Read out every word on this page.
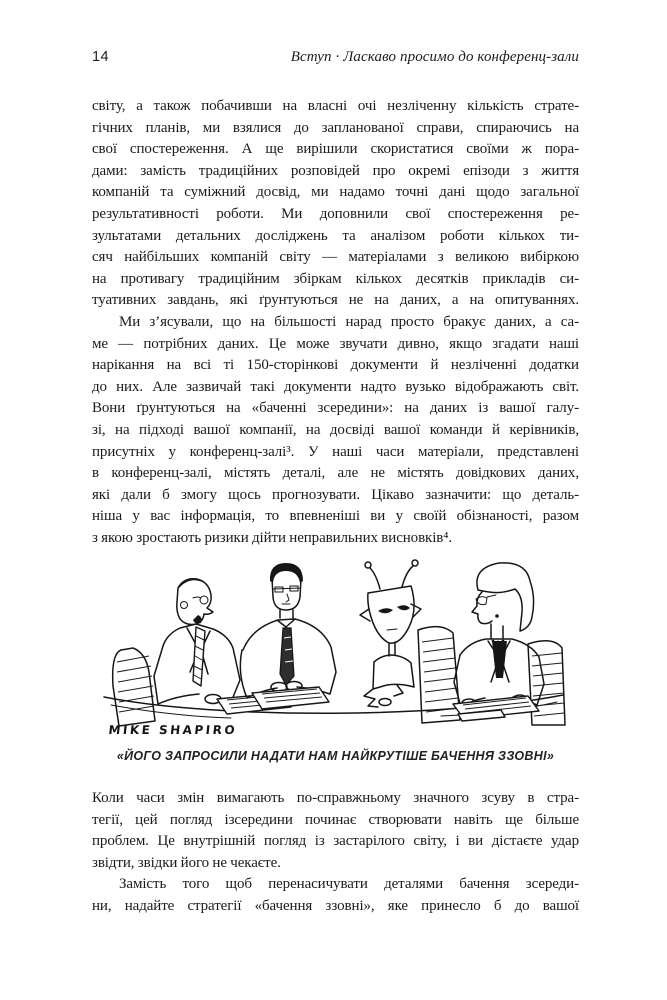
14	Вступ · Ласкаво просимо до конференц-зали
світу, а також побачивши на власні очі незліченну кількість страте-
гічних планів, ми взялися до запланованої справи, спираючись на
свої спостереження. А ще вирішили скористатися своїми ж пора-
дами: замість традиційних розповідей про окремі епізоди з життя
компаній та суміжний досвід, ми надамо точні дані щодо загальної
результативності роботи. Ми доповнили свої спостереження ре-
зультатами детальних досліджень та аналізом роботи кількох ти-
сяч найбільших компаній світу — матеріалами з великою вибіркою
на противагу традиційним збіркам кількох десятків прикладів си-
туативних завдань, які ґрунтуються не на даних, а на опитуваннях.
Ми з’ясували, що на більшості нарад просто бракує даних, а са-
ме — потрібних даних. Це може звучати дивно, якщо згадати наші
нарікання на всі ті 150-сторінкові документи й незліченні додатки
до них. Але зазвичай такі документи надто вузько відображають світ.
Вони ґрунтуються на «баченні зсередини»: на даних із вашої галу-
зі, на підході вашої компанії, на досвіді вашої команди й керівників,
присутніх у конференц-залі³. У наші часи матеріали, представлені
в конференц-залі, містять деталі, але не містять довідкових даних,
які дали б змогу щось прогнозувати. Цікаво зазначити: що деталь-
ніша у вас інформація, то впевненіші ви у своїй обізнаності, разом
з якою зростають ризики дійти неправильних висновків⁴.
MIKE SHAPIRO
«ЙОГО ЗАПРОСИЛИ НАДАТИ НАМ НАЙКРУТІШЕ БАЧЕННЯ ЗЗОВНІ»
Коли часи змін вимагають по-справжньому значного зсуву в стра-
тегії, цей погляд ізсередини починає створювати навіть ще більше
проблем. Це внутрішній погляд із застарілого світу, і ви дістаєте удар
звідти, звідки його не чекаєте.
Замість того щоб перенасичувати деталями бачення зсереди-
ни, надайте стратегії «бачення ззовні», яке принесло б до вашої
